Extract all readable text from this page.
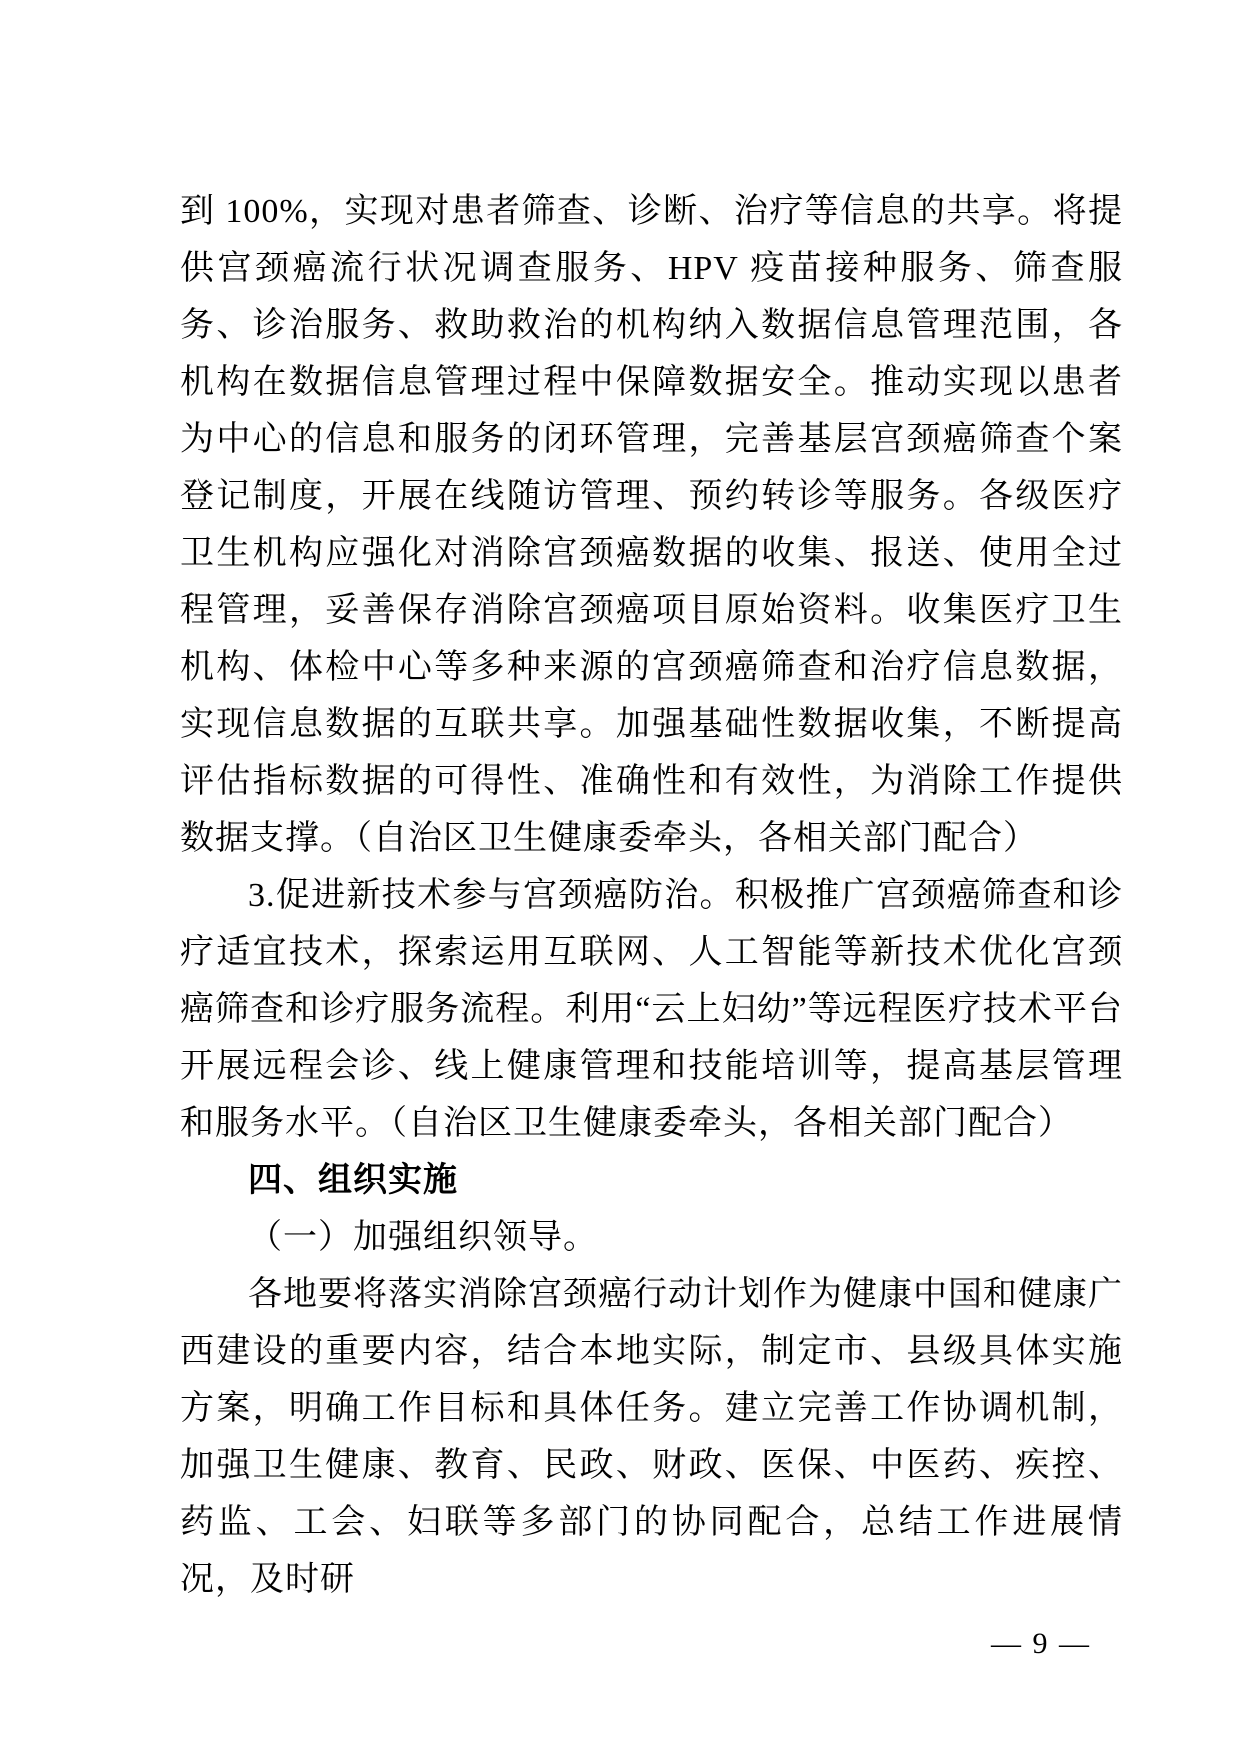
到 100%，实现对患者筛查、诊断、治疗等信息的共享。将提供宫颈癌流行状况调查服务、HPV 疫苗接种服务、筛查服务、诊治服务、救助救治的机构纳入数据信息管理范围，各机构在数据信息管理过程中保障数据安全。推动实现以患者为中心的信息和服务的闭环管理，完善基层宫颈癌筛查个案登记制度，开展在线随访管理、预约转诊等服务。各级医疗卫生机构应强化对消除宫颈癌数据的收集、报送、使用全过程管理，妥善保存消除宫颈癌项目原始资料。收集医疗卫生机构、体检中心等多种来源的宫颈癌筛查和治疗信息数据，实现信息数据的互联共享。加强基础性数据收集，不断提高评估指标数据的可得性、准确性和有效性，为消除工作提供数据支撑。（自治区卫生健康委牵头，各相关部门配合）

3.促进新技术参与宫颈癌防治。积极推广宫颈癌筛查和诊疗适宜技术，探索运用互联网、人工智能等新技术优化宫颈癌筛查和诊疗服务流程。利用“云上妇幼”等远程医疗技术平台开展远程会诊、线上健康管理和技能培训等，提高基层管理和服务水平。（自治区卫生健康委牵头，各相关部门配合）

四、组织实施
（一）加强组织领导。

各地要将落实消除宫颈癌行动计划作为健康中国和健康广西建设的重要内容，结合本地实际，制定市、县级具体实施方案，明确工作目标和具体任务。建立完善工作协调机制，加强卫生健康、教育、民政、财政、医保、中医药、疾控、药监、工会、妇联等多部门的协同配合，总结工作进展情况，及时研

— 9 —
